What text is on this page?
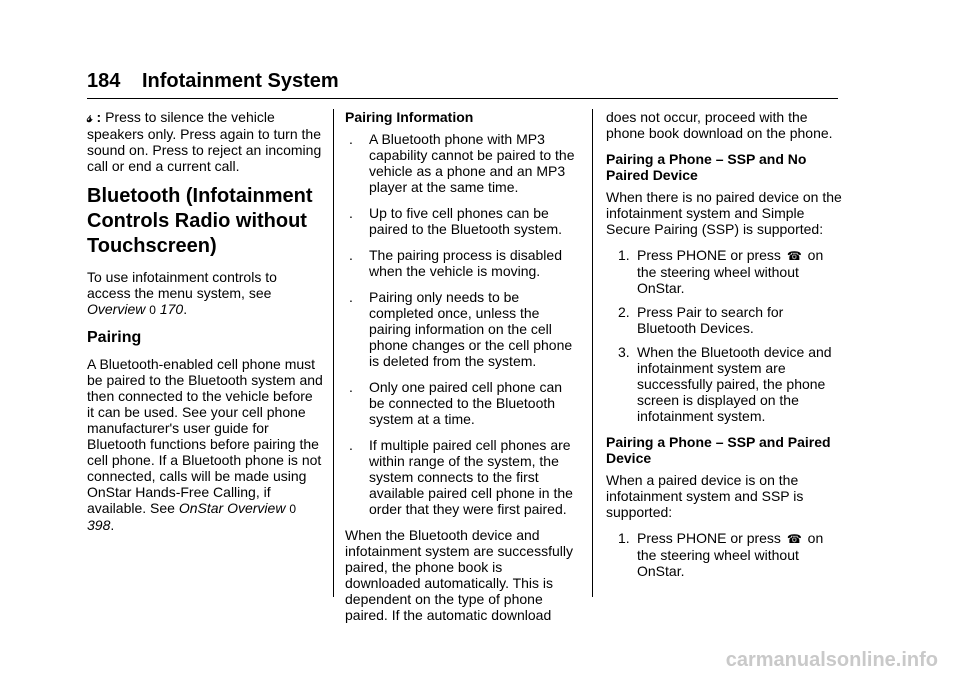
184 Infotainment System

𝓈 : Press to silence the vehicle speakers only. Press again to turn the sound on. Press to reject an incoming call or end a current call.

Bluetooth (Infotainment Controls Radio without Touchscreen)

To use infotainment controls to access the menu system, see Overview 0 170.

Pairing

A Bluetooth-enabled cell phone must be paired to the Bluetooth system and then connected to the vehicle before it can be used. See your cell phone manufacturer's user guide for Bluetooth functions before pairing the cell phone. If a Bluetooth phone is not connected, calls will be made using OnStar Hands-Free Calling, if available. See OnStar Overview 0 398.

Pairing Information
. A Bluetooth phone with MP3 capability cannot be paired to the vehicle as a phone and an MP3 player at the same time.
. Up to five cell phones can be paired to the Bluetooth system.
. The pairing process is disabled when the vehicle is moving.
. Pairing only needs to be completed once, unless the pairing information on the cell phone changes or the cell phone is deleted from the system.
. Only one paired cell phone can be connected to the Bluetooth system at a time.
. If multiple paired cell phones are within range of the system, the system connects to the first available paired cell phone in the order that they were first paired.

When the Bluetooth device and infotainment system are successfully paired, the phone book is downloaded automatically. This is dependent on the type of phone paired. If the automatic download

does not occur, proceed with the phone book download on the phone.

Pairing a Phone – SSP and No Paired Device

When there is no paired device on the infotainment system and Simple Secure Pairing (SSP) is supported:

1. Press PHONE or press ☎ on the steering wheel without OnStar.
2. Press Pair to search for Bluetooth Devices.
3. When the Bluetooth device and infotainment system are successfully paired, the phone screen is displayed on the infotainment system.
Pairing a Phone – SSP and Paired Device

When a paired device is on the infotainment system and SSP is supported:

1. Press PHONE or press ☎ on the steering wheel without OnStar.
carmanualsonline.info
